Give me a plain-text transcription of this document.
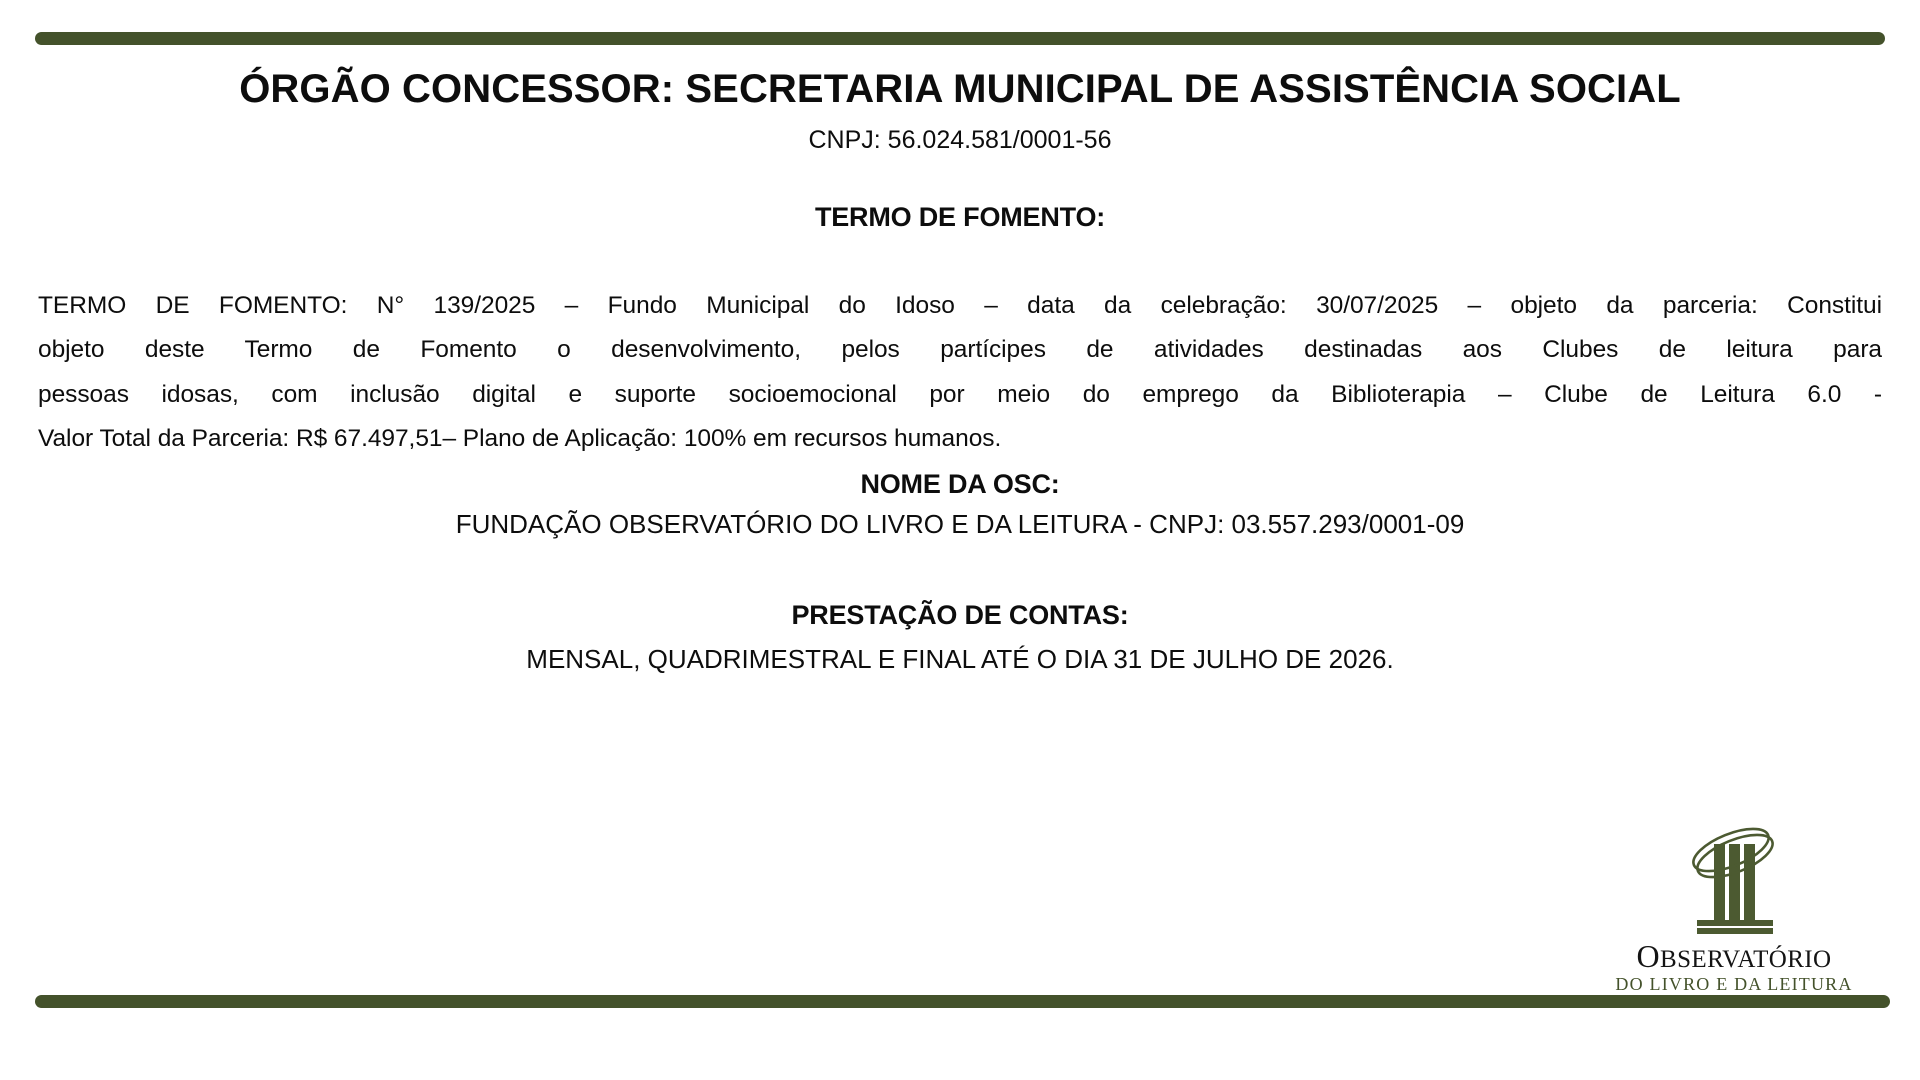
ÓRGÃO CONCESSOR: SECRETARIA MUNICIPAL DE ASSISTÊNCIA SOCIAL

CNPJ: 56.024.581/0001-56

TERMO DE FOMENTO:

TERMO DE FOMENTO: N° 139/2025 – Fundo Municipal do Idoso – data da celebração: 30/07/2025 – objeto da parceria: Constitui
objeto deste Termo de Fomento o desenvolvimento, pelos partícipes de atividades destinadas aos Clubes de leitura para
pessoas idosas, com inclusão digital e suporte socioemocional por meio do emprego da Biblioterapia – Clube de Leitura 6.0 -
Valor Total da Parceria: R$ 67.497,51– Plano de Aplicação: 100% em recursos humanos.

NOME DA OSC:

FUNDAÇÃO OBSERVATÓRIO DO LIVRO E DA LEITURA - CNPJ: 03.557.293/0001-09

PRESTAÇÃO DE CONTAS:

MENSAL, QUADRIMESTRAL E FINAL ATÉ O DIA 31 DE JULHO DE 2026.

OBSERVATÓRIO
DO LIVRO E DA LEITURA
